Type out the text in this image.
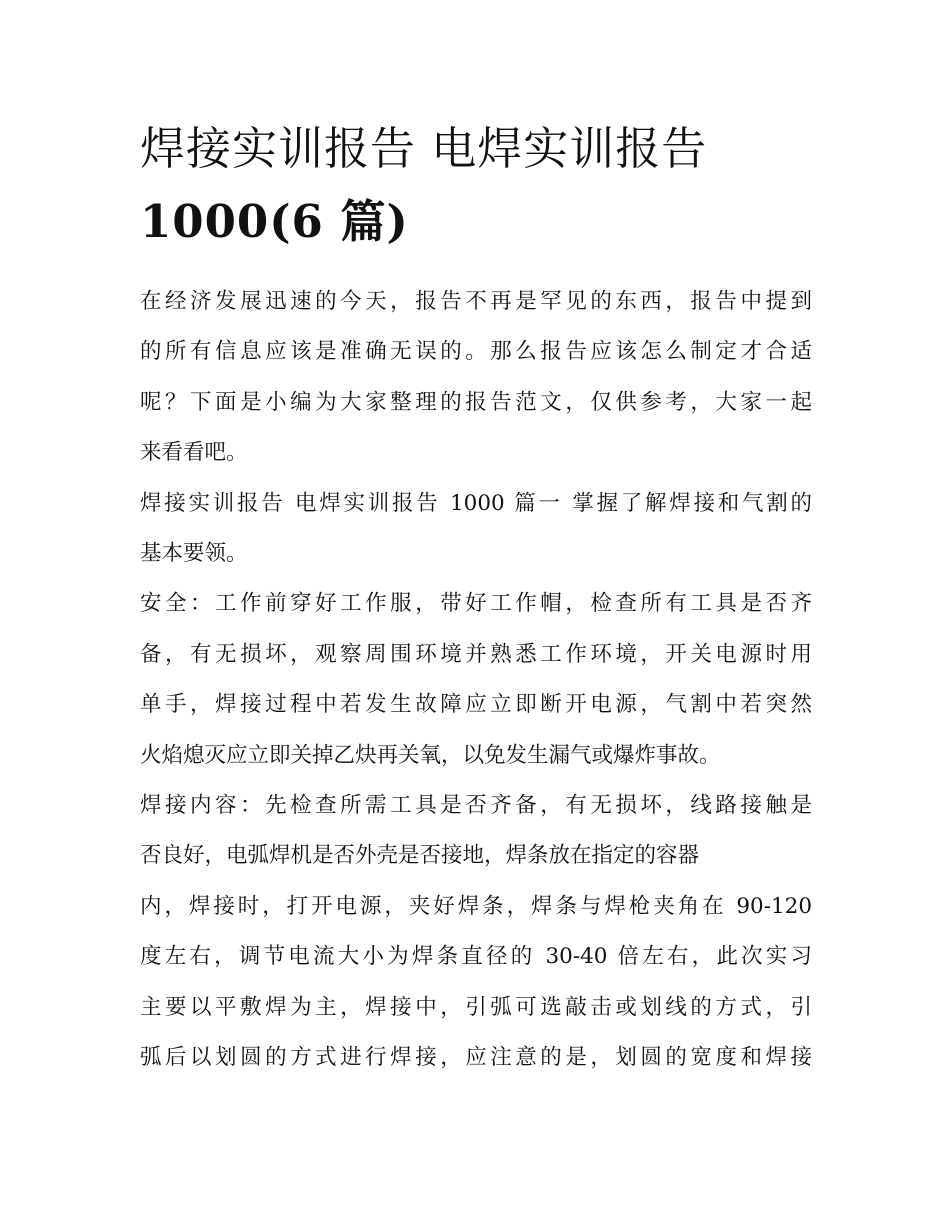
焊接实训报告 电焊实训报告
1000(6 篇)

在经济发展迅速的今天，报告不再是罕见的东西，报告中提到
的所有信息应该是准确无误的。那么报告应该怎么制定才合适
呢？下面是小编为大家整理的报告范文，仅供参考，大家一起
来看看吧。

焊接实训报告 电焊实训报告 1000 篇一 掌握了解焊接和气割的
基本要领。

安全：工作前穿好工作服，带好工作帽，检查所有工具是否齐
备，有无损坏，观察周围环境并熟悉工作环境，开关电源时用
单手，焊接过程中若发生故障应立即断开电源，气割中若突然
火焰熄灭应立即关掉乙炔再关氧，以免发生漏气或爆炸事故。

焊接内容：先检查所需工具是否齐备，有无损坏，线路接触是
否良好，电弧焊机是否外壳是否接地，焊条放在指定的容器
内，焊接时，打开电源，夹好焊条，焊条与焊枪夹角在 90-120
度左右，调节电流大小为焊条直径的 30-40 倍左右，此次实习
主要以平敷焊为主，焊接中，引弧可选敲击或划线的方式，引
弧后以划圆的方式进行焊接，应注意的是，划圆的宽度和焊接
